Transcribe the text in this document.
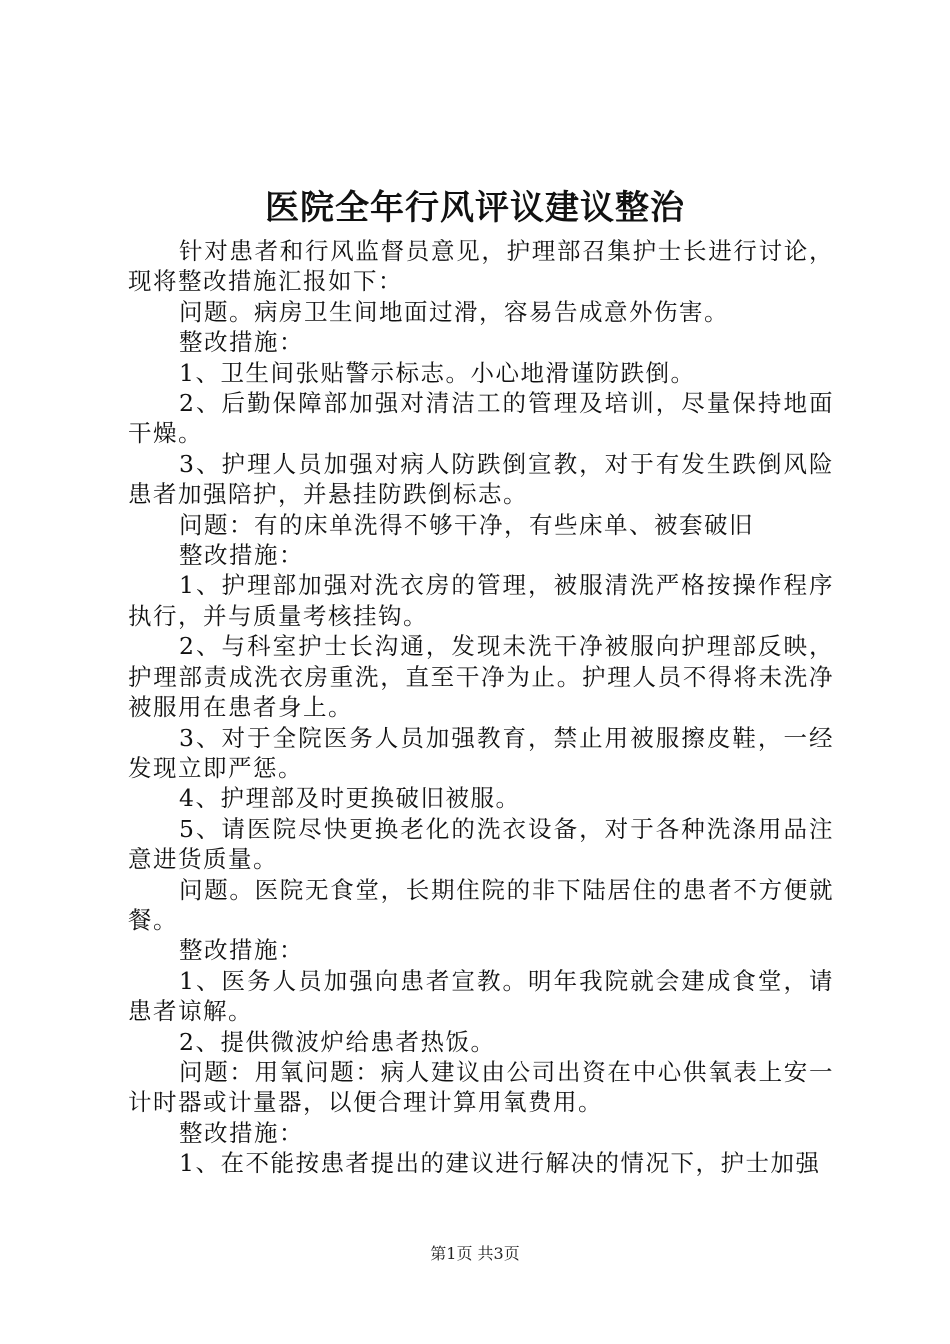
医院全年行风评议建议整治

针对患者和行风监督员意见，护理部召集护士长进行讨论，现将整改措施汇报如下：

问题。病房卫生间地面过滑，容易告成意外伤害。

整改措施：

1、卫生间张贴警示标志。小心地滑谨防跌倒。

2、后勤保障部加强对清洁工的管理及培训，尽量保持地面干燥。

3、护理人员加强对病人防跌倒宣教，对于有发生跌倒风险患者加强陪护，并悬挂防跌倒标志。

问题：有的床单洗得不够干净，有些床单、被套破旧

整改措施：

1、护理部加强对洗衣房的管理，被服清洗严格按操作程序执行，并与质量考核挂钩。

2、与科室护士长沟通，发现未洗干净被服向护理部反映，护理部责成洗衣房重洗，直至干净为止。护理人员不得将未洗净被服用在患者身上。

3、对于全院医务人员加强教育，禁止用被服擦皮鞋，一经发现立即严惩。

4、护理部及时更换破旧被服。

5、请医院尽快更换老化的洗衣设备，对于各种洗涤用品注意进货质量。

问题。医院无食堂，长期住院的非下陆居住的患者不方便就餐。

整改措施：

1、医务人员加强向患者宣教。明年我院就会建成食堂，请患者谅解。

2、提供微波炉给患者热饭。

问题：用氧问题：病人建议由公司出资在中心供氧表上安一计时器或计量器，以便合理计算用氧费用。

整改措施：

1、在不能按患者提出的建议进行解决的情况下，护士加强

第1页 共3页
